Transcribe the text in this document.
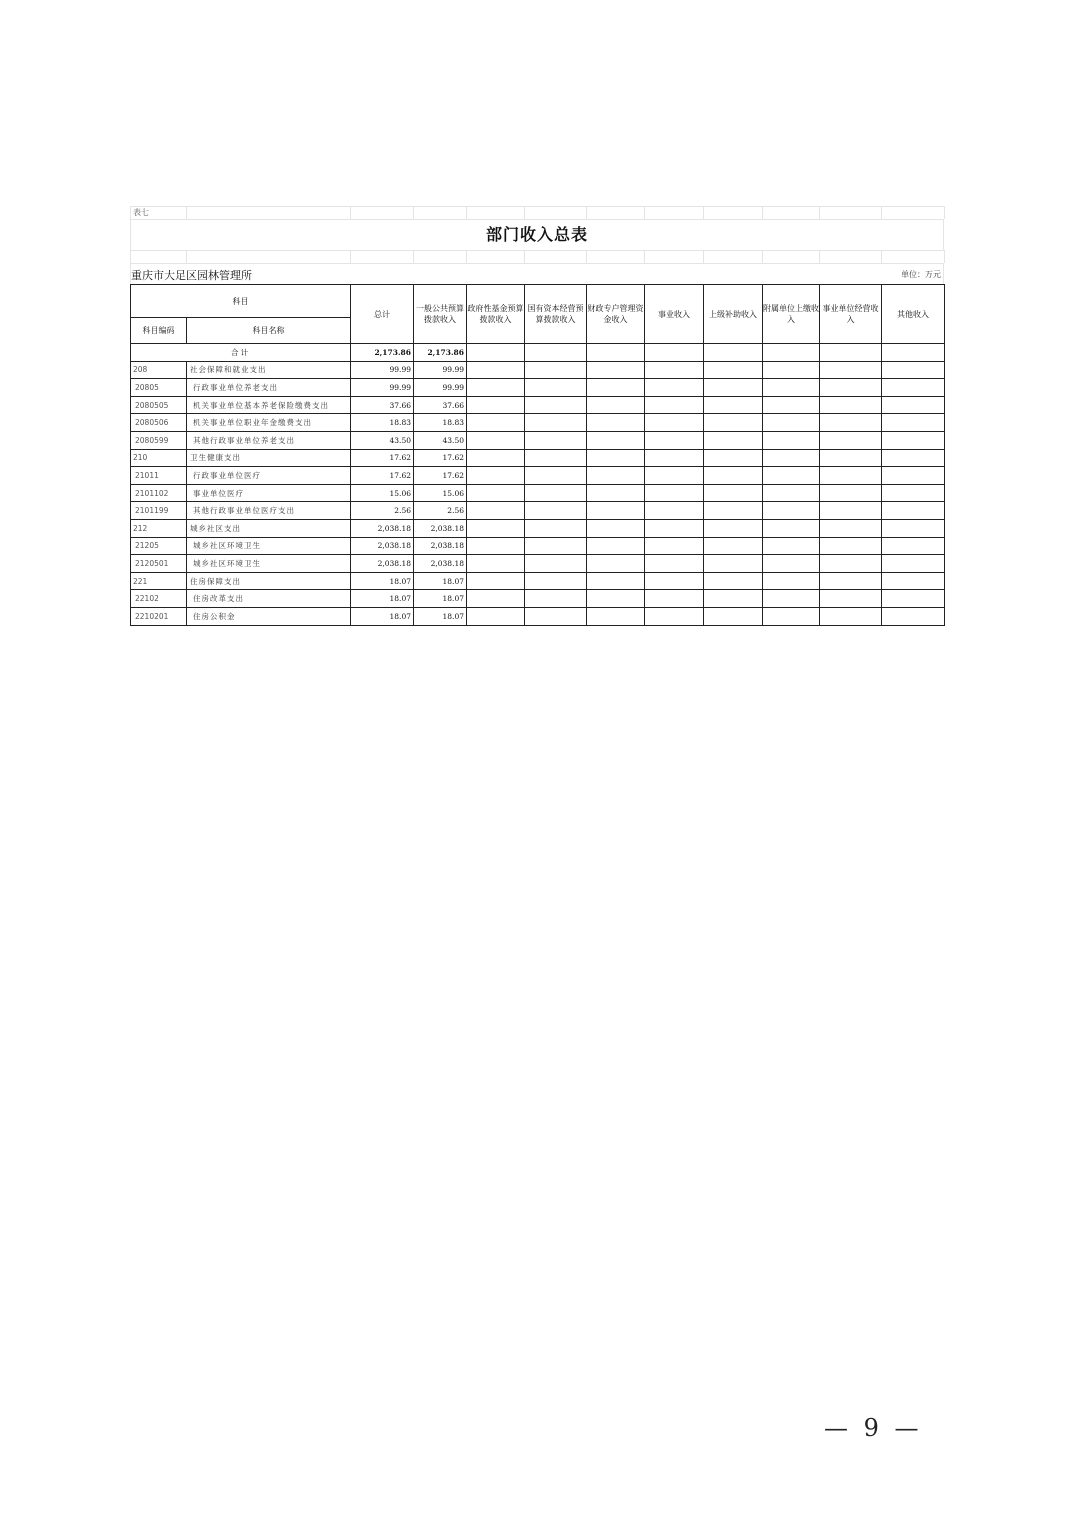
表七
部门收入总表
重庆市大足区园林管理所	单位：万元
科目		总计	一般公共预算拨款收入	政府性基金预算拨款收入	国有资本经营预算拨款收入	财政专户管理资金收入	事业收入	上级补助收入	附属单位上缴收入	事业单位经营收入	其他收入
科目编码	科目名称										
合计		2,173.86	2,173.86								
208	社会保障和就业支出	99.99	99.99								
20805	行政事业单位养老支出	99.99	99.99								
2080505	机关事业单位基本养老保险缴费支出	37.66	37.66								
2080506	机关事业单位职业年金缴费支出	18.83	18.83								
2080599	其他行政事业单位养老支出	43.50	43.50								
210	卫生健康支出	17.62	17.62								
21011	行政事业单位医疗	17.62	17.62								
2101102	事业单位医疗	15.06	15.06								
2101199	其他行政事业单位医疗支出	2.56	2.56								
212	城乡社区支出	2,038.18	2,038.18								
21205	城乡社区环境卫生	2,038.18	2,038.18								
2120501	城乡社区环境卫生	2,038.18	2,038.18								
221	住房保障支出	18.07	18.07								
22102	住房改革支出	18.07	18.07								
2210201	住房公积金	18.07	18.07								
— 9 —
